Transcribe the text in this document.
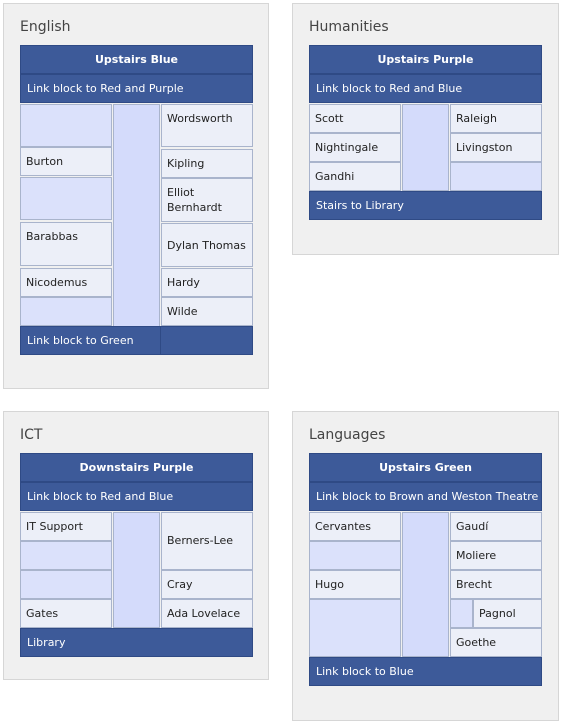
English
Upstairs Blue
Link block to Red and Purple
Burton
Barabbas
Nicodemus
Wordsworth
Kipling
Elliot Bernhardt
Dylan Thomas
Hardy
Wilde
Link block to Green
Humanities
Upstairs Purple
Link block to Red and Blue
Scott
Nightingale
Gandhi
Raleigh
Livingston
Stairs to Library
ICT
Downstairs Purple
Link block to Red and Blue
IT Support
Gates
Berners-Lee
Cray
Ada Lovelace
Library
Languages
Upstairs Green
Link block to Brown and Weston Theatre
Cervantes
Hugo
Gaudí
Moliere
Brecht
Pagnol
Goethe
Link block to Blue
